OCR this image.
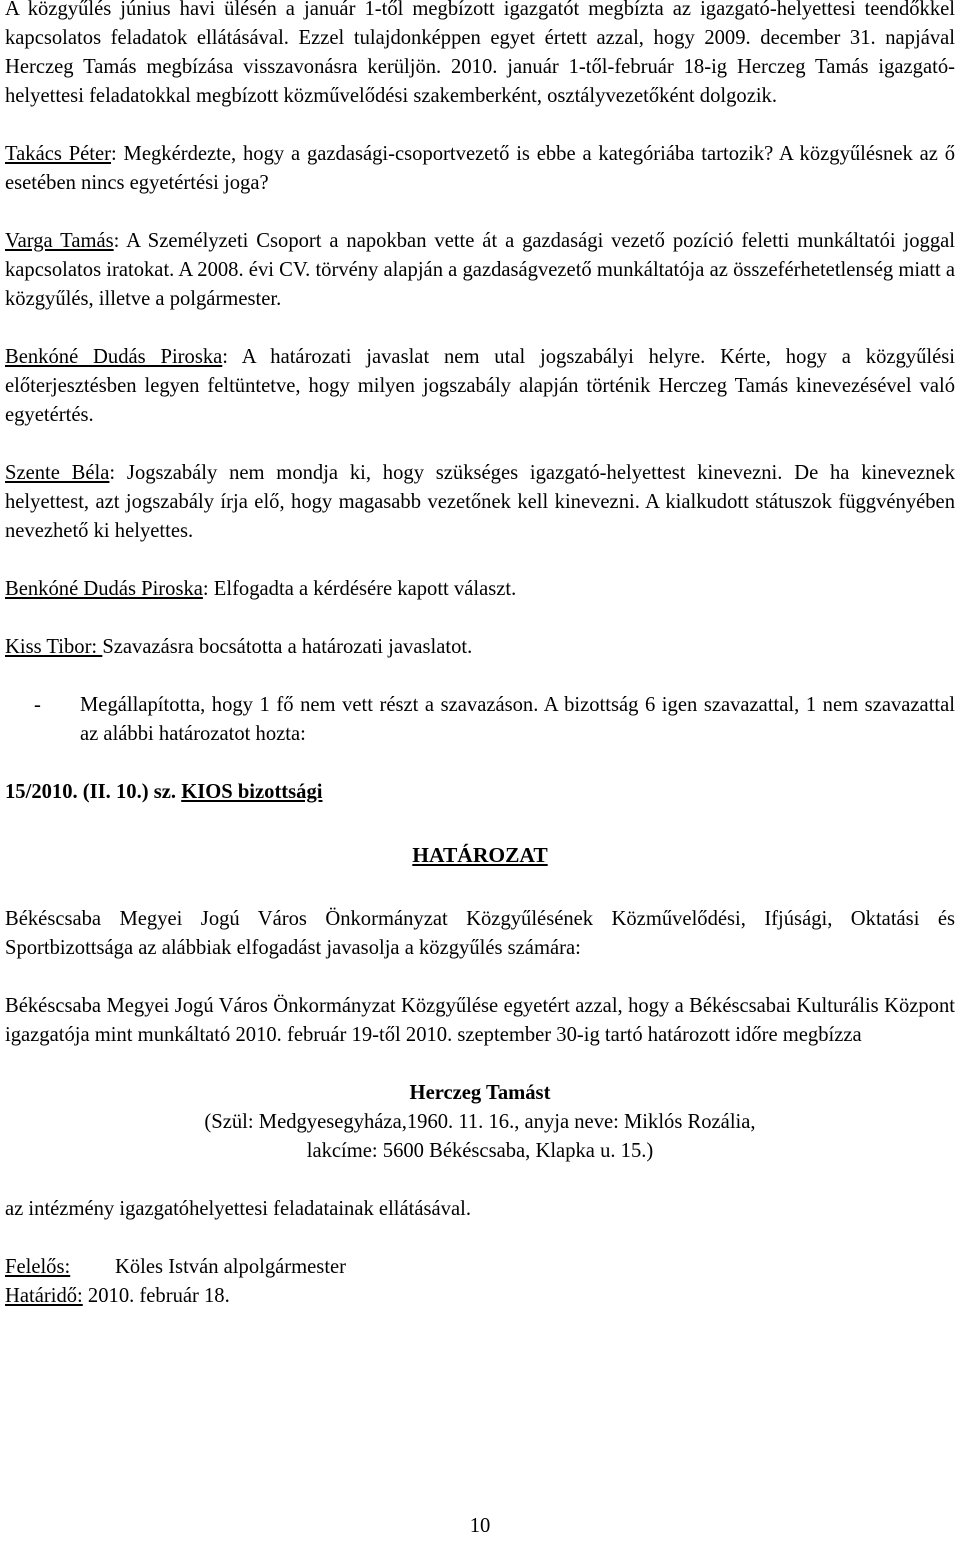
A közgyűlés június havi ülésén a január 1-től megbízott igazgatót megbízta az igazgató-helyettesi teendőkkel kapcsolatos feladatok ellátásával. Ezzel tulajdonképpen egyet értett azzal, hogy 2009. december 31. napjával Herczeg Tamás megbízása visszavonásra kerüljön. 2010. január 1-től-február 18-ig Herczeg Tamás igazgató-helyettesi feladatokkal megbízott közművelődési szakemberként, osztályvezetőként dolgozik.

Takács Péter: Megkérdezte, hogy a gazdasági-csoportvezető is ebbe a kategóriába tartozik? A közgyűlésnek az ő esetében nincs egyetértési joga?

Varga Tamás: A Személyzeti Csoport a napokban vette át a gazdasági vezető pozíció feletti munkáltatói joggal kapcsolatos iratokat. A 2008. évi CV. törvény alapján a gazdaságvezető munkáltatója az összeférhetetlenség miatt a közgyűlés, illetve a polgármester.

Benkóné Dudás Piroska: A határozati javaslat nem utal jogszabályi helyre. Kérte, hogy a közgyűlési előterjesztésben legyen feltüntetve, hogy milyen jogszabály alapján történik Herczeg Tamás kinevezésével való egyetértés.

Szente Béla: Jogszabály nem mondja ki, hogy szükséges igazgató-helyettest kinevezni. De ha kineveznek helyettest, azt jogszabály írja elő, hogy magasabb vezetőnek kell kinevezni. A kialkudott státuszok függvényében nevezhető ki helyettes.

Benkóné Dudás Piroska: Elfogadta a kérdésére kapott választ.

Kiss Tibor: Szavazásra bocsátotta a határozati javaslatot.

- Megállapította, hogy 1 fő nem vett részt a szavazáson. A bizottság 6 igen szavazattal, 1 nem szavazattal az alábbi határozatot hozta:

15/2010. (II. 10.) sz. KIOS bizottsági

HATÁROZAT

Békéscsaba Megyei Jogú Város Önkormányzat Közgyűlésének Közművelődési, Ifjúsági, Oktatási és Sportbizottsága az alábbiak elfogadást javasolja a közgyűlés számára:

Békéscsaba Megyei Jogú Város Önkormányzat Közgyűlése egyetért azzal, hogy a Békéscsabai Kulturális Központ igazgatója mint munkáltató 2010. február 19-től 2010. szeptember 30-ig tartó határozott időre megbízza

Herczeg Tamást

(Szül: Medgyesegyháza,1960. 11. 16., anyja neve: Miklós Rozália,

lakcíme: 5600 Békéscsaba, Klapka u. 15.)

az intézmény igazgatóhelyettesi feladatainak ellátásával.

Felelős: Köles István alpolgármester

Határidő: 2010. február 18.

10
